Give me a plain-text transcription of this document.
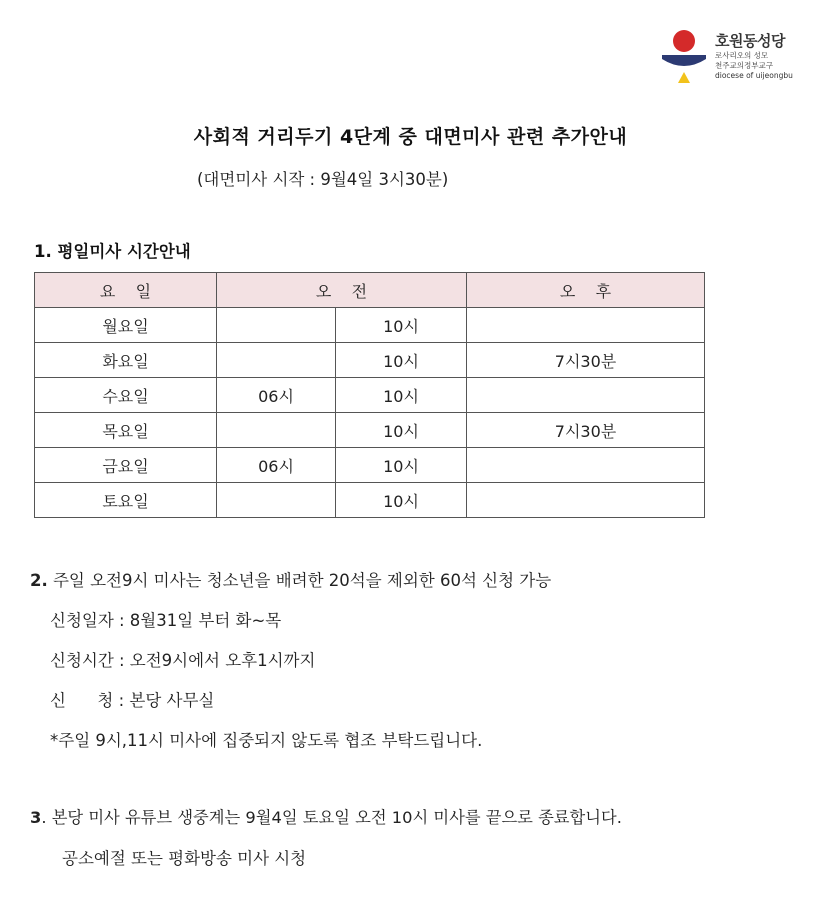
호원동성당
로사리오의 성모
천주교의정부교구
diocese of uijeongbu
사회적 거리두기 4단계 중 대면미사 관련 추가안내
(대면미사 시작 : 9월4일 3시30분)
1. 평일미사 시간안내
요    일	오    전		오    후
월요일		10시	
화요일		10시	7시30분
수요일	06시	10시	
목요일		10시	7시30분
금요일	06시	10시	
토요일		10시	
2. 주일 오전9시 미사는 청소년을 배려한 20석을 제외한 60석 신청 가능
신청일자 : 8월31일 부터 화~목
신청시간 : 오전9시에서 오후1시까지
신      청 : 본당 사무실
*주일 9시,11시 미사에 집중되지 않도록 협조 부탁드립니다.
3. 본당 미사 유튜브 생중계는 9월4일 토요일 오전 10시 미사를 끝으로 종료합니다.
공소예절 또는 평화방송 미사 시청
